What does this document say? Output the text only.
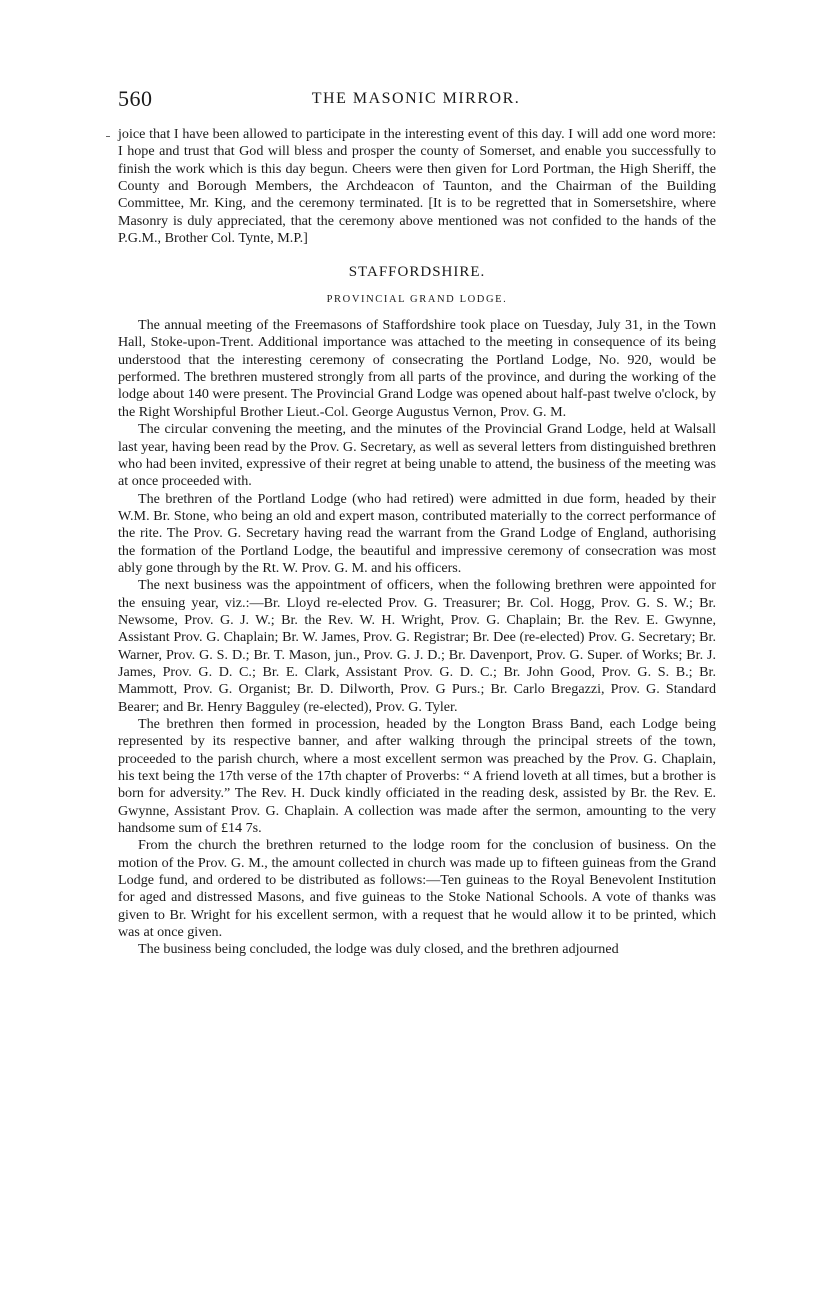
560	THE MASONIC MIRROR.

joice that I have been allowed to participate in the interesting event of this day. I will add one word more: I hope and trust that God will bless and prosper the county of Somerset, and enable you successfully to finish the work which is this day begun. Cheers were then given for Lord Portman, the High Sheriff, the County and Borough Members, the Archdeacon of Taunton, and the Chairman of the Building Committee, Mr. King, and the ceremony terminated. [It is to be regretted that in Somersetshire, where Masonry is duly appreciated, that the ceremony above mentioned was not confided to the hands of the P.G.M., Brother Col. Tynte, M.P.]

STAFFORDSHIRE.

PROVINCIAL GRAND LODGE.

The annual meeting of the Freemasons of Staffordshire took place on Tuesday, July 31, in the Town Hall, Stoke-upon-Trent. Additional importance was attached to the meeting in consequence of its being understood that the interesting ceremony of consecrating the Portland Lodge, No. 920, would be performed. The brethren mustered strongly from all parts of the province, and during the working of the lodge about 140 were present. The Provincial Grand Lodge was opened about half-past twelve o'clock, by the Right Worshipful Brother Lieut.-Col. George Augustus Vernon, Prov. G. M.

The circular convening the meeting, and the minutes of the Provincial Grand Lodge, held at Walsall last year, having been read by the Prov. G. Secretary, as well as several letters from distinguished brethren who had been invited, expressive of their regret at being unable to attend, the business of the meeting was at once proceeded with.

The brethren of the Portland Lodge (who had retired) were admitted in due form, headed by their W.M. Br. Stone, who being an old and expert mason, contributed materially to the correct performance of the rite. The Prov. G. Secretary having read the warrant from the Grand Lodge of England, authorising the formation of the Portland Lodge, the beautiful and impressive ceremony of consecration was most ably gone through by the Rt. W. Prov. G. M. and his officers.

The next business was the appointment of officers, when the following brethren were appointed for the ensuing year, viz.:—Br. Lloyd re-elected Prov. G. Treasurer; Br. Col. Hogg, Prov. G. S. W.; Br. Newsome, Prov. G. J. W.; Br. the Rev. W. H. Wright, Prov. G. Chaplain; Br. the Rev. E. Gwynne, Assistant Prov. G. Chaplain; Br. W. James, Prov. G. Registrar; Br. Dee (re-elected) Prov. G. Secretary; Br. Warner, Prov. G. S. D.; Br. T. Mason, jun., Prov. G. J. D.; Br. Davenport, Prov. G. Super. of Works; Br. J. James, Prov. G. D. C.; Br. E. Clark, Assistant Prov. G. D. C.; Br. John Good, Prov. G. S. B.; Br. Mammott, Prov. G. Organist; Br. D. Dilworth, Prov. G Purs.; Br. Carlo Bregazzi, Prov. G. Standard Bearer; and Br. Henry Bagguley (re-elected), Prov. G. Tyler.

The brethren then formed in procession, headed by the Longton Brass Band, each Lodge being represented by its respective banner, and after walking through the principal streets of the town, proceeded to the parish church, where a most excellent sermon was preached by the Prov. G. Chaplain, his text being the 17th verse of the 17th chapter of Proverbs: “ A friend loveth at all times, but a brother is born for adversity.” The Rev. H. Duck kindly officiated in the reading desk, assisted by Br. the Rev. E. Gwynne, Assistant Prov. G. Chaplain. A collection was made after the sermon, amounting to the very handsome sum of £14 7s.

From the church the brethren returned to the lodge room for the conclusion of business. On the motion of the Prov. G. M., the amount collected in church was made up to fifteen guineas from the Grand Lodge fund, and ordered to be distributed as follows:—Ten guineas to the Royal Benevolent Institution for aged and distressed Masons, and five guineas to the Stoke National Schools. A vote of thanks was given to Br. Wright for his excellent sermon, with a request that he would allow it to be printed, which was at once given.

The business being concluded, the lodge was duly closed, and the brethren adjourned
